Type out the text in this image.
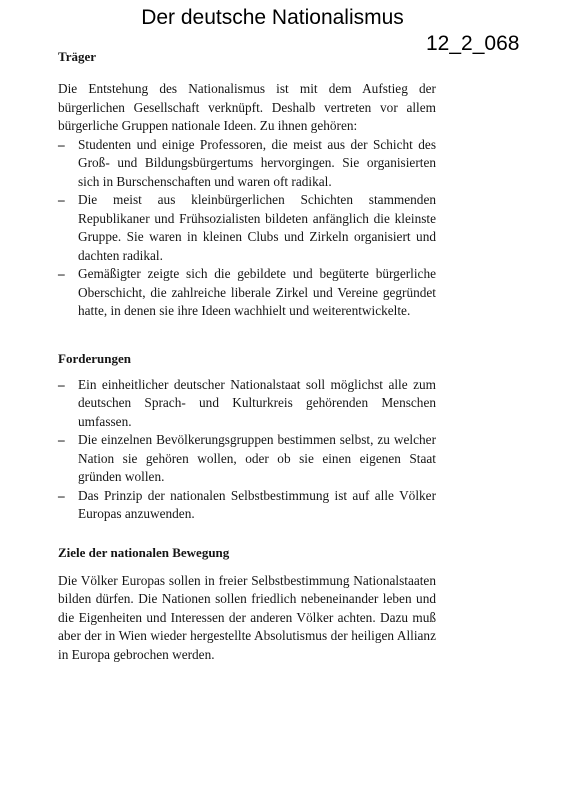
Der deutsche Nationalismus
12_2_068
Träger

Die Entstehung des Nationalismus ist mit dem Aufstieg der bürgerlichen Gesellschaft verknüpft. Deshalb vertreten vor allem bürgerliche Gruppen nationale Ideen. Zu ihnen gehören:

– Studenten und einige Professoren, die meist aus der Schicht des Groß- und Bildungsbürgertums hervorgingen. Sie organisierten sich in Burschenschaften und waren oft radikal.
– Die meist aus kleinbürgerlichen Schichten stammenden Republikaner und Frühsozialisten bildeten anfänglich die kleinste Gruppe. Sie waren in kleinen Clubs und Zirkeln organisiert und dachten radikal.
– Gemäßigter zeigte sich die gebildete und begüterte bürgerliche Oberschicht, die zahlreiche liberale Zirkel und Vereine gegründet hatte, in denen sie ihre Ideen wachhielt und weiterentwickelte.
Forderungen
– Ein einheitlicher deutscher Nationalstaat soll möglichst alle zum deutschen Sprach- und Kulturkreis gehörenden Menschen umfassen.
– Die einzelnen Bevölkerungsgruppen bestimmen selbst, zu welcher Nation sie gehören wollen, oder ob sie einen eigenen Staat gründen wollen.
– Das Prinzip der nationalen Selbstbestimmung ist auf alle Völker Europas anzuwenden.
Ziele der nationalen Bewegung

Die Völker Europas sollen in freier Selbstbestimmung Nationalstaaten bilden dürfen. Die Nationen sollen friedlich nebeneinander leben und die Eigenheiten und Interessen der anderen Völker achten. Dazu muß aber der in Wien wieder hergestellte Absolutismus der heiligen Allianz in Europa gebrochen werden.
